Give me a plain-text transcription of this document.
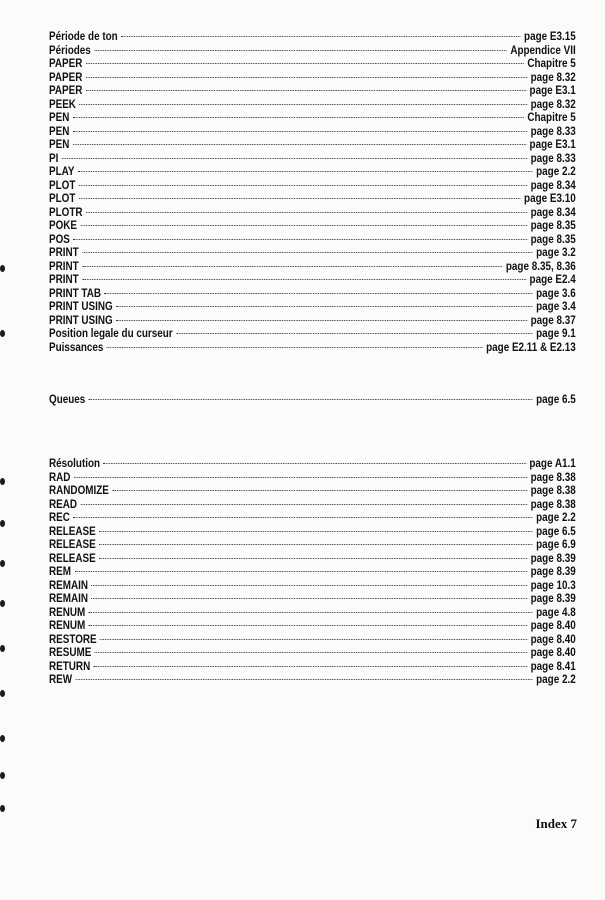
Période de ton	page E3.15
Périodes	Appendice VII
PAPER	Chapitre 5
PAPER	page 8.32
PAPER	page E3.1
PEEK	page 8.32
PEN	Chapitre 5
PEN	page 8.33
PEN	page E3.1
PI	page 8.33
PLAY	page 2.2
PLOT	page 8.34
PLOT	page E3.10
PLOTR	page 8.34
POKE	page 8.35
POS	page 8.35
PRINT	page 3.2
PRINT	page 8.35, 8.36
PRINT	page E2.4
PRINT TAB	page 3.6
PRINT USING	page 3.4
PRINT USING	page 8.37
Position legale du curseur	page 9.1
Puissances	page E2.11 & E2.13
Queues	page 6.5
Résolution	page A1.1
RAD	page 8.38
RANDOMIZE	page 8.38
READ	page 8.38
REC	page 2.2
RELEASE	page 6.5
RELEASE	page 6.9
RELEASE	page 8.39
REM	page 8.39
REMAIN	page 10.3
REMAIN	page 8.39
RENUM	page 4.8
RENUM	page 8.40
RESTORE	page 8.40
RESUME	page 8.40
RETURN	page 8.41
REW	page 2.2
Index 7
